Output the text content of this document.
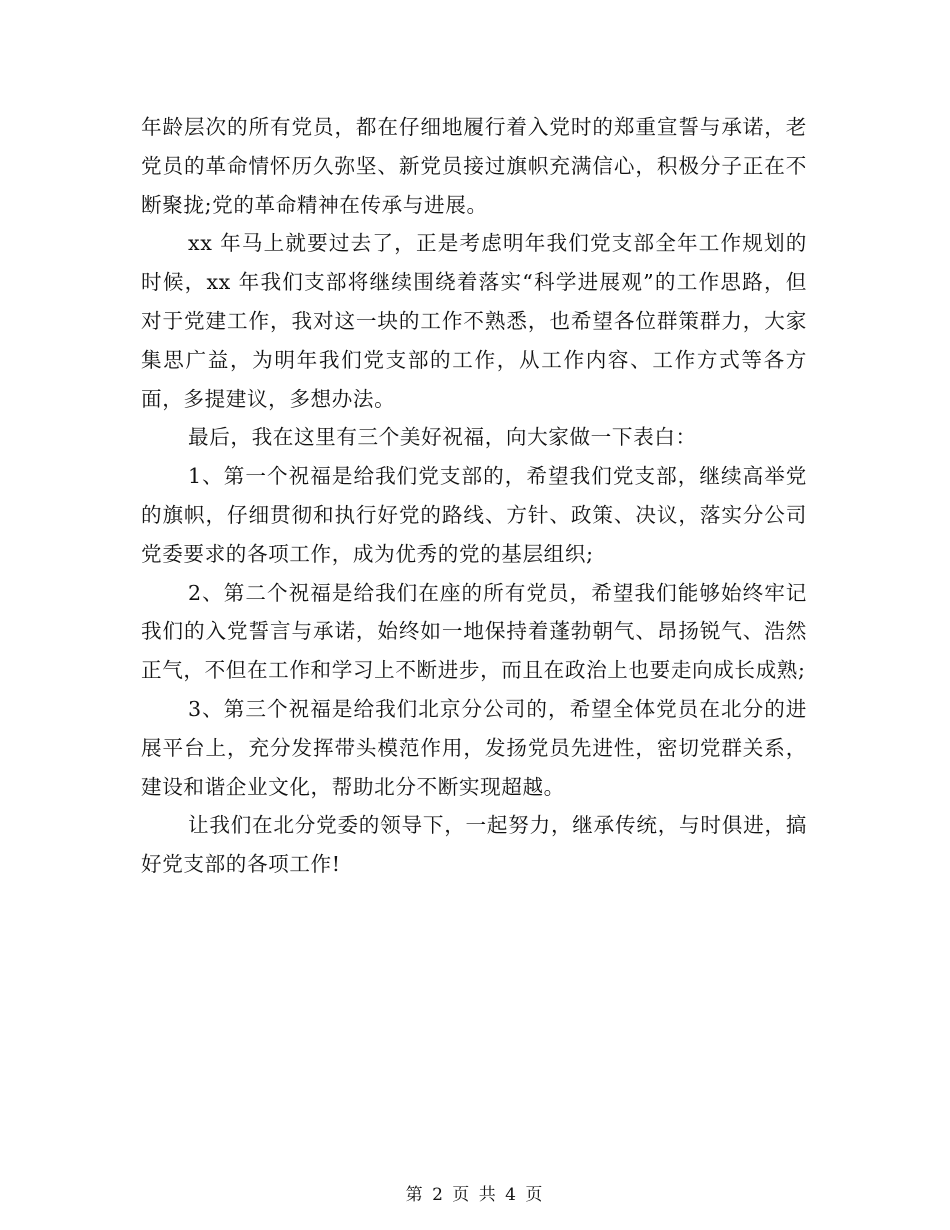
年龄层次的所有党员，都在仔细地履行着入党时的郑重宣誓与承诺，老党员的革命情怀历久弥坚、新党员接过旗帜充满信心，积极分子正在不断聚拢;党的革命精神在传承与进展。

xx 年马上就要过去了，正是考虑明年我们党支部全年工作规划的时候，xx 年我们支部将继续围绕着落实“科学进展观”的工作思路，但对于党建工作，我对这一块的工作不熟悉，也希望各位群策群力，大家集思广益，为明年我们党支部的工作，从工作内容、工作方式等各方面，多提建议，多想办法。

最后，我在这里有三个美好祝福，向大家做一下表白：

1、第一个祝福是给我们党支部的，希望我们党支部，继续高举党的旗帜，仔细贯彻和执行好党的路线、方针、政策、决议，落实分公司党委要求的各项工作，成为优秀的党的基层组织;

2、第二个祝福是给我们在座的所有党员，希望我们能够始终牢记我们的入党誓言与承诺，始终如一地保持着蓬勃朝气、昂扬锐气、浩然正气，不但在工作和学习上不断进步，而且在政治上也要走向成长成熟;

3、第三个祝福是给我们北京分公司的，希望全体党员在北分的进展平台上，充分发挥带头模范作用，发扬党员先进性，密切党群关系，建设和谐企业文化，帮助北分不断实现超越。

让我们在北分党委的领导下，一起努力，继承传统，与时俱进，搞好党支部的各项工作!

第 2 页 共 4 页
